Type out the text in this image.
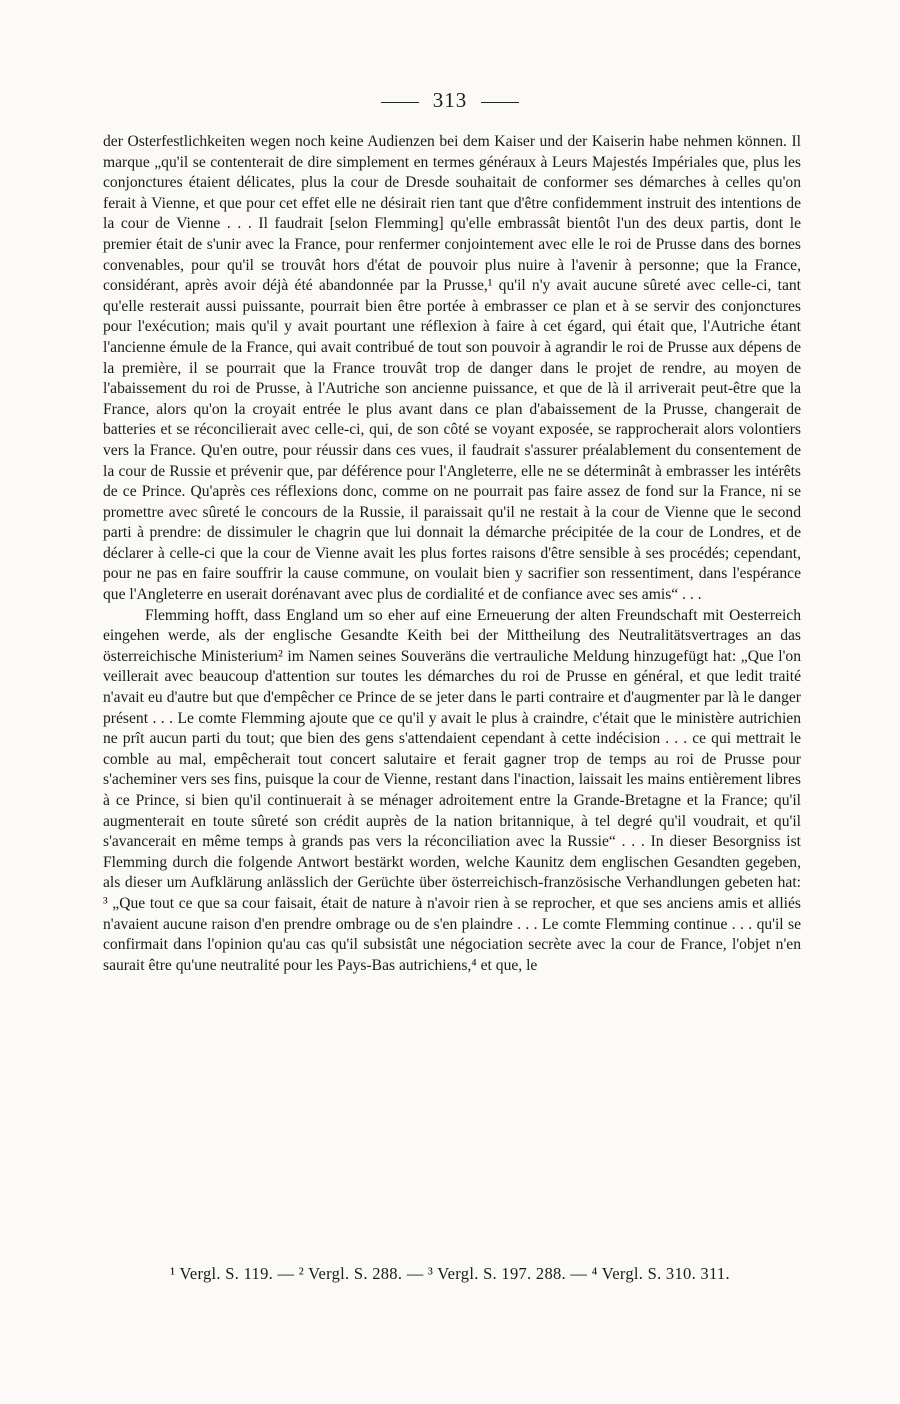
313

der Osterfestlichkeiten wegen noch keine Audienzen bei dem Kaiser und der Kaiserin habe nehmen können. Il marque „qu'il se contenterait de dire simplement en termes généraux à Leurs Majestés Impériales que, plus les conjonctures étaient délicates, plus la cour de Dresde souhaitait de conformer ses démarches à celles qu'on ferait à Vienne, et que pour cet effet elle ne désirait rien tant que d'être confidemment instruit des intentions de la cour de Vienne . . . Il faudrait [selon Flemming] qu'elle embrassât bientôt l'un des deux partis, dont le premier était de s'unir avec la France, pour renfermer conjointement avec elle le roi de Prusse dans des bornes convenables, pour qu'il se trouvât hors d'état de pouvoir plus nuire à l'avenir à personne; que la France, considérant, après avoir déjà été abandonnée par la Prusse,¹ qu'il n'y avait aucune sûreté avec celle-ci, tant qu'elle resterait aussi puissante, pourrait bien être portée à embrasser ce plan et à se servir des conjonctures pour l'exécution; mais qu'il y avait pourtant une réflexion à faire à cet égard, qui était que, l'Autriche étant l'ancienne émule de la France, qui avait contribué de tout son pouvoir à agrandir le roi de Prusse aux dépens de la première, il se pourrait que la France trouvât trop de danger dans le projet de rendre, au moyen de l'abaissement du roi de Prusse, à l'Autriche son ancienne puissance, et que de là il arriverait peut-être que la France, alors qu'on la croyait entrée le plus avant dans ce plan d'abaissement de la Prusse, changerait de batteries et se réconcilierait avec celle-ci, qui, de son côté se voyant exposée, se rapprocherait alors volontiers vers la France. Qu'en outre, pour réussir dans ces vues, il faudrait s'assurer préalablement du consentement de la cour de Russie et prévenir que, par déférence pour l'Angleterre, elle ne se déterminât à embrasser les intérêts de ce Prince. Qu'après ces réflexions donc, comme on ne pourrait pas faire assez de fond sur la France, ni se promettre avec sûreté le concours de la Russie, il paraissait qu'il ne restait à la cour de Vienne que le second parti à prendre: de dissimuler le chagrin que lui donnait la démarche précipitée de la cour de Londres, et de déclarer à celle-ci que la cour de Vienne avait les plus fortes raisons d'être sensible à ses procédés; cependant, pour ne pas en faire souffrir la cause commune, on voulait bien y sacrifier son ressentiment, dans l'espérance que l'Angleterre en userait dorénavant avec plus de cordialité et de confiance avec ses amis“ . . .

Flemming hofft, dass England um so eher auf eine Erneuerung der alten Freundschaft mit Oesterreich eingehen werde, als der englische Gesandte Keith bei der Mittheilung des Neutralitätsvertrages an das österreichische Ministerium² im Namen seines Souveräns die vertrauliche Meldung hinzugefügt hat: „Que l'on veillerait avec beaucoup d'attention sur toutes les démarches du roi de Prusse en général, et que ledit traité n'avait eu d'autre but que d'empêcher ce Prince de se jeter dans le parti contraire et d'augmenter par là le danger présent . . . Le comte Flemming ajoute que ce qu'il y avait le plus à craindre, c'était que le ministère autrichien ne prît aucun parti du tout; que bien des gens s'attendaient cependant à cette indécision . . . ce qui mettrait le comble au mal, empêcherait tout concert salutaire et ferait gagner trop de temps au roi de Prusse pour s'acheminer vers ses fins, puisque la cour de Vienne, restant dans l'inaction, laissait les mains entièrement libres à ce Prince, si bien qu'il continuerait à se ménager adroitement entre la Grande-Bretagne et la France; qu'il augmenterait en toute sûreté son crédit auprès de la nation britannique, à tel degré qu'il voudrait, et qu'il s'avancerait en même temps à grands pas vers la réconciliation avec la Russie“ . . . In dieser Besorgniss ist Flemming durch die folgende Antwort bestärkt worden, welche Kaunitz dem englischen Gesandten gegeben, als dieser um Aufklärung anlässlich der Gerüchte über österreichisch-französische Verhandlungen gebeten hat: ³ „Que tout ce que sa cour faisait, était de nature à n'avoir rien à se reprocher, et que ses anciens amis et alliés n'avaient aucune raison d'en prendre ombrage ou de s'en plaindre . . . Le comte Flemming continue . . . qu'il se confirmait dans l'opinion qu'au cas qu'il subsistât une négociation secrète avec la cour de France, l'objet n'en saurait être qu'une neutralité pour les Pays-Bas autrichiens,⁴ et que, le

¹ Vergl. S. 119. — ² Vergl. S. 288. — ³ Vergl. S. 197. 288. — ⁴ Vergl. S. 310. 311.
